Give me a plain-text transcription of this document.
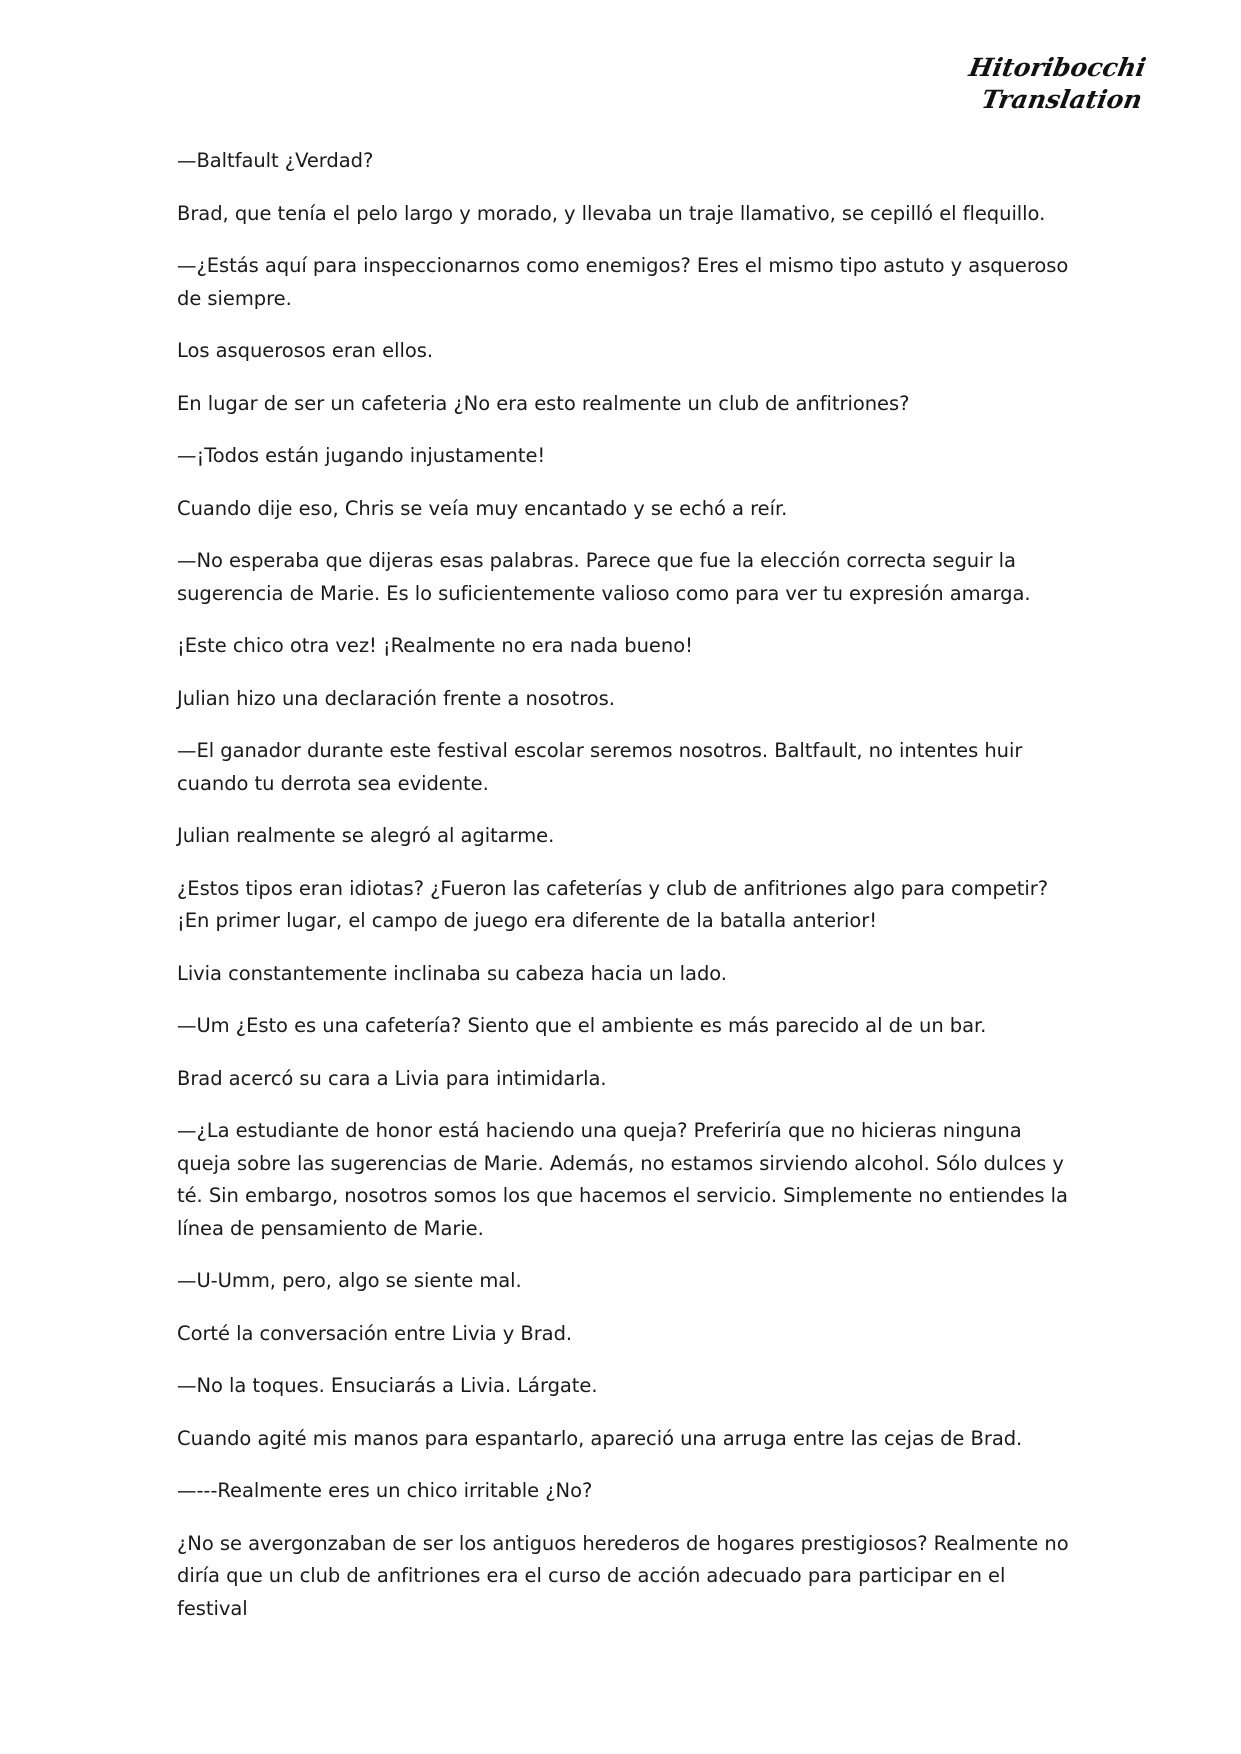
Hitoribocchi
Translation

—Baltfault ¿Verdad?

Brad, que tenía el pelo largo y morado, y llevaba un traje llamativo, se cepilló el flequillo.

—¿Estás aquí para inspeccionarnos como enemigos? Eres el mismo tipo astuto y asqueroso de siempre.

Los asquerosos eran ellos.

En lugar de ser un cafeteria ¿No era esto realmente un club de anfitriones?

—¡Todos están jugando injustamente!

Cuando dije eso, Chris se veía muy encantado y se echó a reír.

—No esperaba que dijeras esas palabras. Parece que fue la elección correcta seguir la sugerencia de Marie. Es lo suficientemente valioso como para ver tu expresión amarga.

¡Este chico otra vez! ¡Realmente no era nada bueno!

Julian hizo una declaración frente a nosotros.

—El ganador durante este festival escolar seremos nosotros. Baltfault, no intentes huir cuando tu derrota sea evidente.

Julian realmente se alegró al agitarme.

¿Estos tipos eran idiotas? ¿Fueron las cafeterías y club de anfitriones algo para competir? ¡En primer lugar, el campo de juego era diferente de la batalla anterior!

Livia constantemente inclinaba su cabeza hacia un lado.

—Um ¿Esto es una cafetería? Siento que el ambiente es más parecido al de un bar.

Brad acercó su cara a Livia para intimidarla.

—¿La estudiante de honor está haciendo una queja? Preferiría que no hicieras ninguna queja sobre las sugerencias de Marie. Además, no estamos sirviendo alcohol. Sólo dulces y té. Sin embargo, nosotros somos los que hacemos el servicio. Simplemente no entiendes la línea de pensamiento de Marie.

—U-Umm, pero, algo se siente mal.

Corté la conversación entre Livia y Brad.

—No la toques. Ensuciarás a Livia. Lárgate.

Cuando agité mis manos para espantarlo, apareció una arruga entre las cejas de Brad.

—---Realmente eres un chico irritable ¿No?

¿No se avergonzaban de ser los antiguos herederos de hogares prestigiosos? Realmente no diría que un club de anfitriones era el curso de acción adecuado para participar en el festival
